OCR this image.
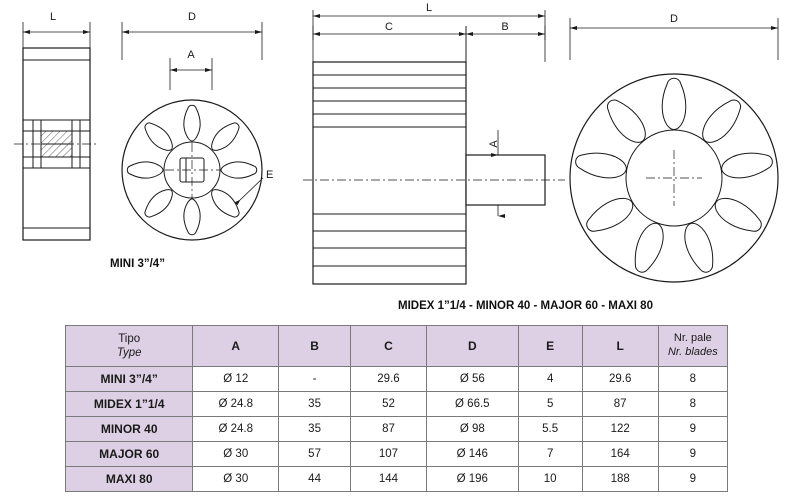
L	D
A
E
L
C	B
A
D
MINI 3”/4”
MIDEX 1”1/4 - MINOR 40 - MAJOR 60 - MAXI 80
Tipo
Type	A	B	C	D	E	L	Nr. pale
Nr. blades

MINI 3”/4”	Ø 12	-	29.6	Ø 56	4	29.6	8
MIDEX 1”1/4	Ø 24.8	35	52	Ø 66.5	5	87	8
MINOR 40	Ø 24.8	35	87	Ø 98	5.5	122	9
MAJOR 60	Ø 30	57	107	Ø 146	7	164	9
MAXI 80	Ø 30	44	144	Ø 196	10	188	9
